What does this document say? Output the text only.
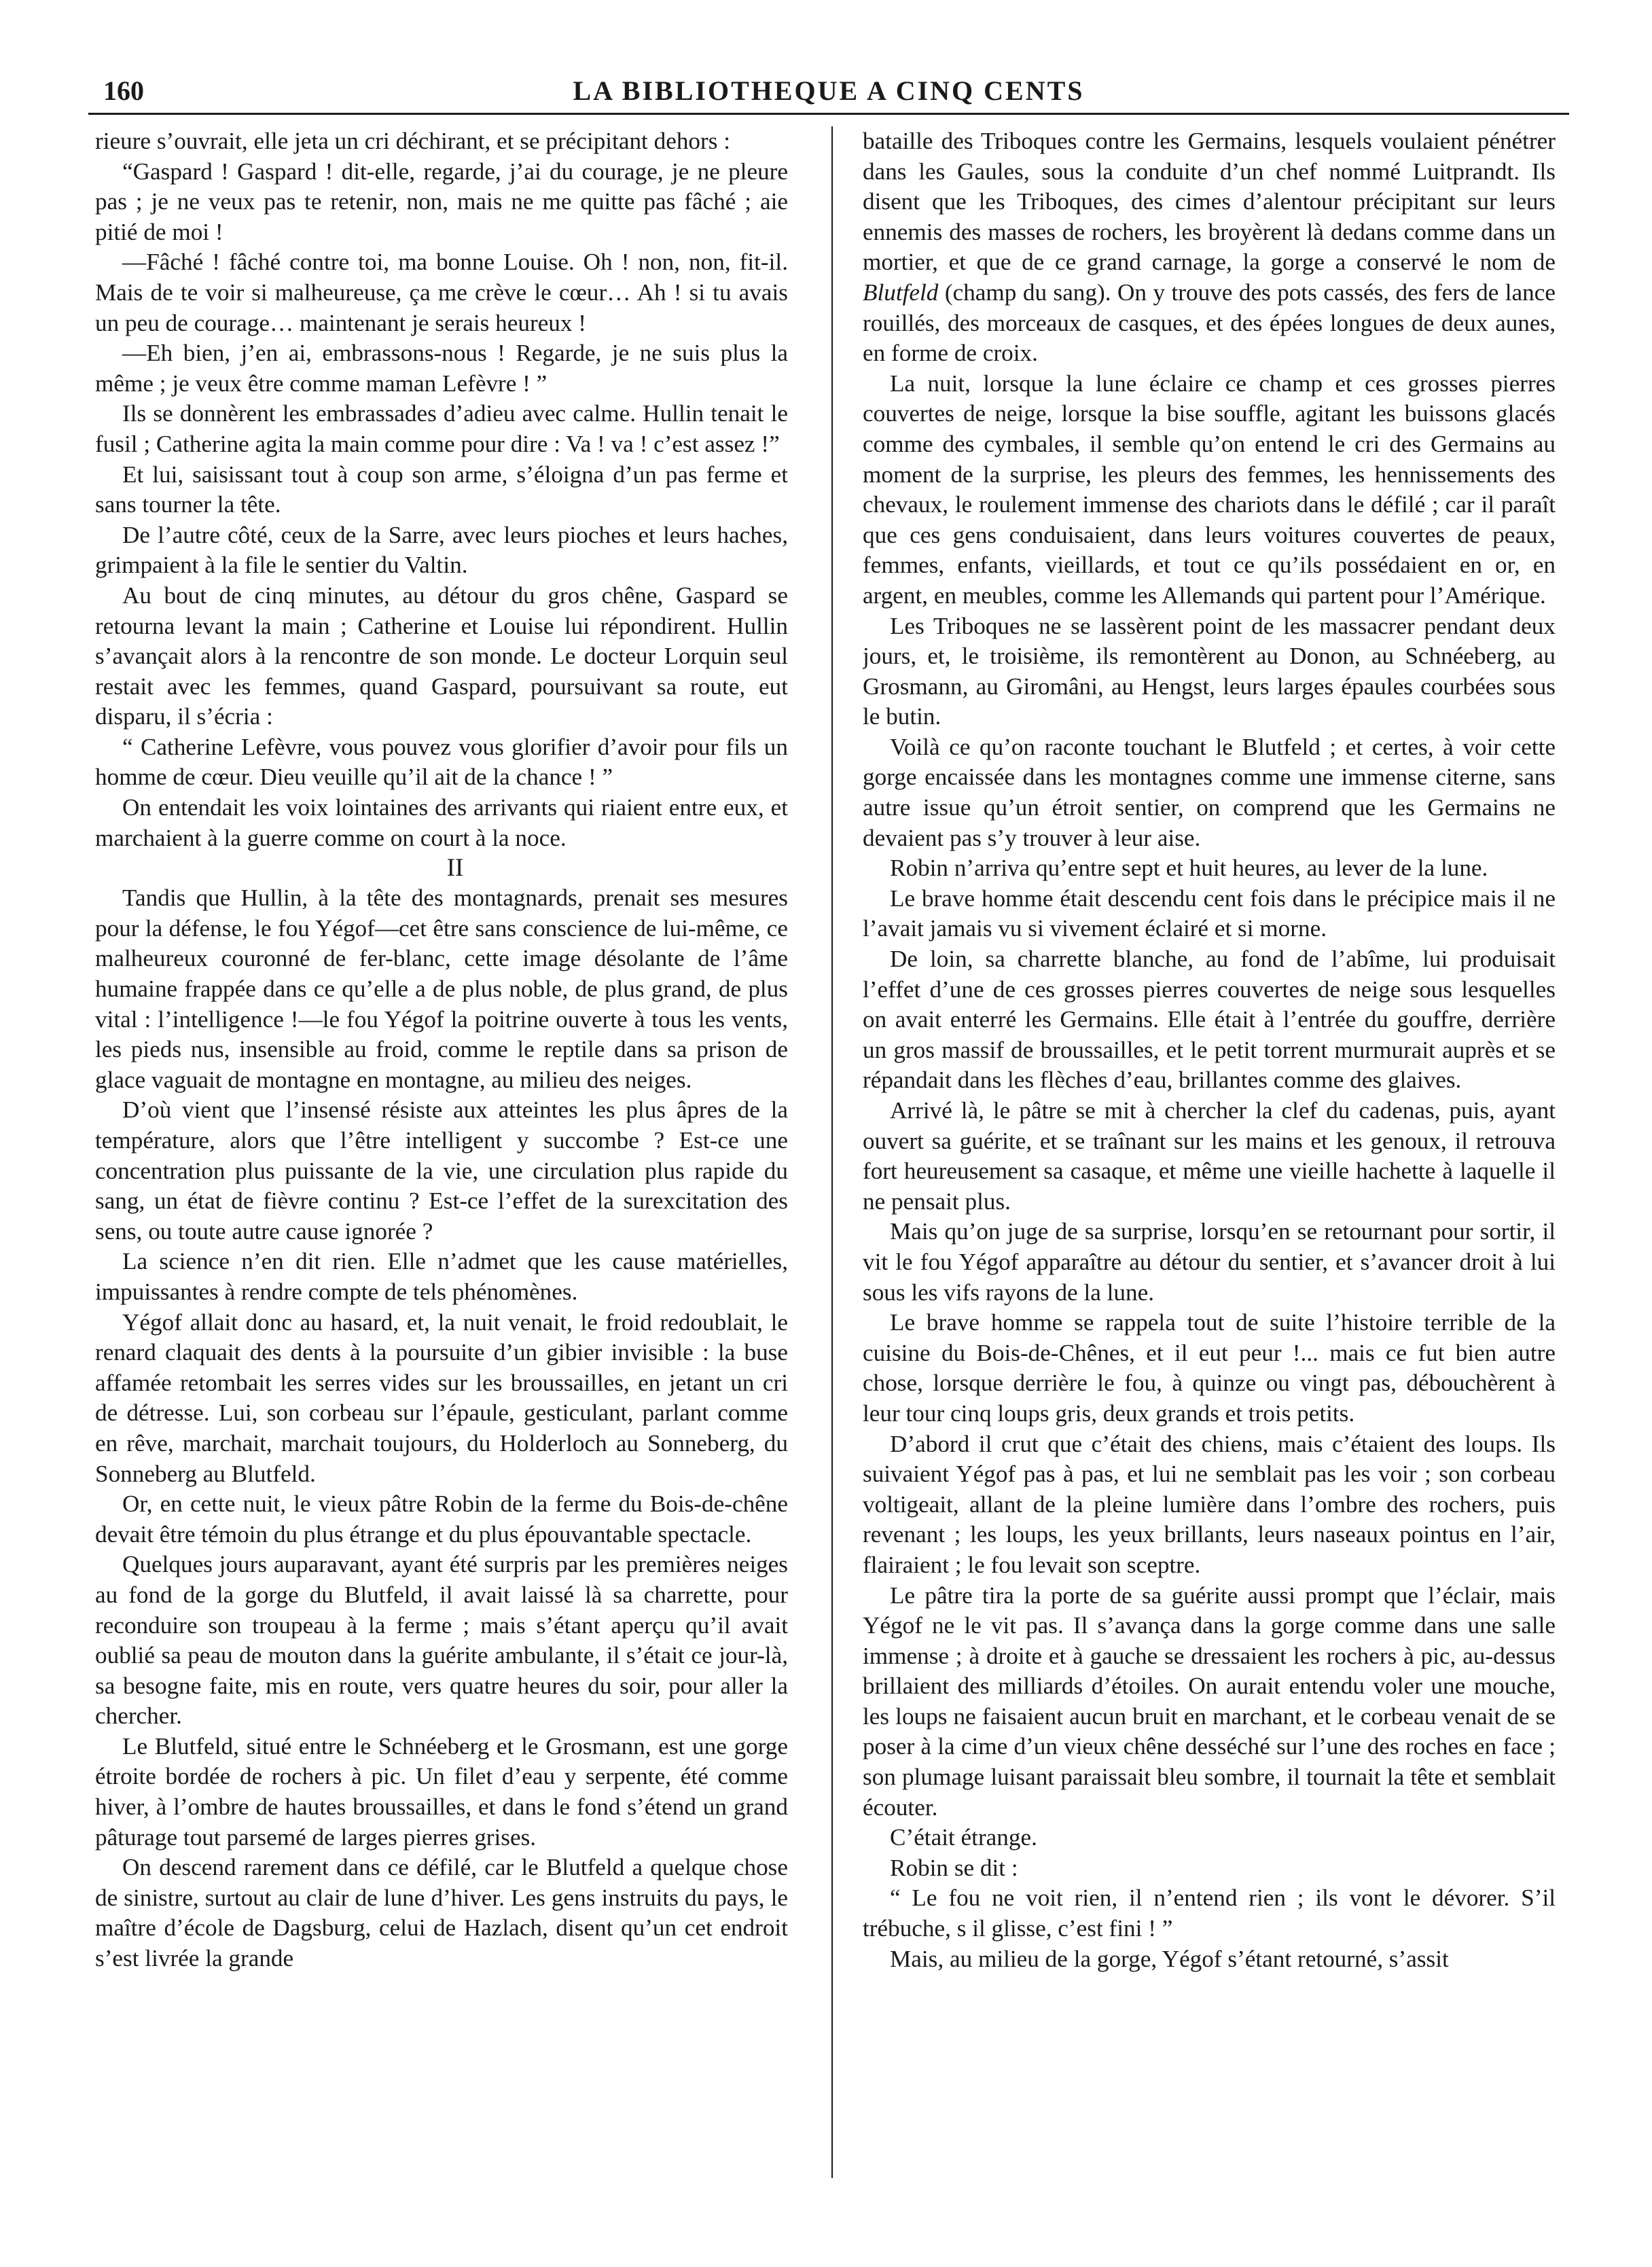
160	LA BIBLIOTHEQUE A CINQ CENTS

rieure s’ouvrait, elle jeta un cri déchirant, et se précipitant dehors :

“Gaspard ! Gaspard ! dit-elle, regarde, j’ai du courage, je ne pleure pas ; je ne veux pas te retenir, non, mais ne me quitte pas fâché ; aie pitié de moi !

—Fâché ! fâché contre toi, ma bonne Louise. Oh ! non, non, fit-il. Mais de te voir si malheureuse, ça me crève le cœur… Ah ! si tu avais un peu de courage… maintenant je serais heureux !

—Eh bien, j’en ai, embrassons-nous ! Regarde, je ne suis plus la même ; je veux être comme maman Lefèvre ! ”

Ils se donnèrent les embrassades d’adieu avec calme. Hullin tenait le fusil ; Catherine agita la main comme pour dire : Va ! va ! c’est assez !”

Et lui, saisissant tout à coup son arme, s’éloigna d’un pas ferme et sans tourner la tête.

De l’autre côté, ceux de la Sarre, avec leurs pioches et leurs haches, grimpaient à la file le sentier du Valtin.

Au bout de cinq minutes, au détour du gros chêne, Gaspard se retourna levant la main ; Catherine et Louise lui répondirent. Hullin s’avançait alors à la rencontre de son monde. Le docteur Lorquin seul restait avec les femmes, quand Gaspard, poursuivant sa route, eut disparu, il s’écria :

“ Catherine Lefèvre, vous pouvez vous glorifier d’avoir pour fils un homme de cœur. Dieu veuille qu’il ait de la chance ! ”

On entendait les voix lointaines des arrivants qui riaient entre eux, et marchaient à la guerre comme on court à la noce.

II

Tandis que Hullin, à la tête des montagnards, prenait ses mesures pour la défense, le fou Yégof—cet être sans conscience de lui-même, ce malheureux couronné de fer-blanc, cette image désolante de l’âme humaine frappée dans ce qu’elle a de plus noble, de plus grand, de plus vital : l’intelligence !—le fou Yégof la poitrine ouverte à tous les vents, les pieds nus, insensible au froid, comme le reptile dans sa prison de glace vaguait de montagne en montagne, au milieu des neiges.

D’où vient que l’insensé résiste aux atteintes les plus âpres de la température, alors que l’être intelligent y succombe ? Est-ce une concentration plus puissante de la vie, une circulation plus rapide du sang, un état de fièvre continu ? Est-ce l’effet de la surexcitation des sens, ou toute autre cause ignorée ?

La science n’en dit rien. Elle n’admet que les cause matérielles, impuissantes à rendre compte de tels phénomènes.

Yégof allait donc au hasard, et, la nuit venait, le froid redoublait, le renard claquait des dents à la poursuite d’un gibier invisible : la buse affamée retombait les serres vides sur les broussailles, en jetant un cri de détresse. Lui, son corbeau sur l’épaule, gesticulant, parlant comme en rêve, marchait, marchait toujours, du Holderloch au Sonneberg, du Sonneberg au Blutfeld.

Or, en cette nuit, le vieux pâtre Robin de la ferme du Bois-de-chêne devait être témoin du plus étrange et du plus épouvantable spectacle.

Quelques jours auparavant, ayant été surpris par les premières neiges au fond de la gorge du Blutfeld, il avait laissé là sa charrette, pour reconduire son troupeau à la ferme ; mais s’étant aperçu qu’il avait oublié sa peau de mouton dans la guérite ambulante, il s’était ce jour-là, sa besogne faite, mis en route, vers quatre heures du soir, pour aller la chercher.

Le Blutfeld, situé entre le Schnéeberg et le Grosmann, est une gorge étroite bordée de rochers à pic. Un filet d’eau y serpente, été comme hiver, à l’ombre de hautes broussailles, et dans le fond s’étend un grand pâturage tout parsemé de larges pierres grises.

On descend rarement dans ce défilé, car le Blutfeld a quelque chose de sinistre, surtout au clair de lune d’hiver. Les gens instruits du pays, le maître d’école de Dagsburg, celui de Hazlach, disent qu’un cet endroit s’est livrée la grande

bataille des Triboques contre les Germains, lesquels voulaient pénétrer dans les Gaules, sous la conduite d’un chef nommé Luitprandt. Ils disent que les Triboques, des cimes d’alentour précipitant sur leurs ennemis des masses de rochers, les broyèrent là dedans comme dans un mortier, et que de ce grand carnage, la gorge a conservé le nom de Blutfeld (champ du sang). On y trouve des pots cassés, des fers de lance rouillés, des morceaux de casques, et des épées longues de deux aunes, en forme de croix.

La nuit, lorsque la lune éclaire ce champ et ces grosses pierres couvertes de neige, lorsque la bise souffle, agitant les buissons glacés comme des cymbales, il semble qu’on entend le cri des Germains au moment de la surprise, les pleurs des femmes, les hennissements des chevaux, le roulement immense des chariots dans le défilé ; car il paraît que ces gens conduisaient, dans leurs voitures couvertes de peaux, femmes, enfants, vieillards, et tout ce qu’ils possédaient en or, en argent, en meubles, comme les Allemands qui partent pour l’Amérique.

Les Triboques ne se lassèrent point de les massacrer pendant deux jours, et, le troisième, ils remontèrent au Donon, au Schnéeberg, au Grosmann, au Giromâni, au Hengst, leurs larges épaules courbées sous le butin.

Voilà ce qu’on raconte touchant le Blutfeld ; et certes, à voir cette gorge encaissée dans les montagnes comme une immense citerne, sans autre issue qu’un étroit sentier, on comprend que les Germains ne devaient pas s’y trouver à leur aise.

Robin n’arriva qu’entre sept et huit heures, au lever de la lune.

Le brave homme était descendu cent fois dans le précipice mais il ne l’avait jamais vu si vivement éclairé et si morne.

De loin, sa charrette blanche, au fond de l’abîme, lui produisait l’effet d’une de ces grosses pierres couvertes de neige sous lesquelles on avait enterré les Germains. Elle était à l’entrée du gouffre, derrière un gros massif de broussailles, et le petit torrent murmurait auprès et se répandait dans les flèches d’eau, brillantes comme des glaives.

Arrivé là, le pâtre se mit à chercher la clef du cadenas, puis, ayant ouvert sa guérite, et se traînant sur les mains et les genoux, il retrouva fort heureusement sa casaque, et même une vieille hachette à laquelle il ne pensait plus.

Mais qu’on juge de sa surprise, lorsqu’en se retournant pour sortir, il vit le fou Yégof apparaître au détour du sentier, et s’avancer droit à lui sous les vifs rayons de la lune.

Le brave homme se rappela tout de suite l’histoire terrible de la cuisine du Bois-de-Chênes, et il eut peur !... mais ce fut bien autre chose, lorsque derrière le fou, à quinze ou vingt pas, débouchèrent à leur tour cinq loups gris, deux grands et trois petits.

D’abord il crut que c’était des chiens, mais c’étaient des loups. Ils suivaient Yégof pas à pas, et lui ne semblait pas les voir ; son corbeau voltigeait, allant de la pleine lumière dans l’ombre des rochers, puis revenant ; les loups, les yeux brillants, leurs naseaux pointus en l’air, flairaient ; le fou levait son sceptre.

Le pâtre tira la porte de sa guérite aussi prompt que l’éclair, mais Yégof ne le vit pas. Il s’avança dans la gorge comme dans une salle immense ; à droite et à gauche se dressaient les rochers à pic, au-dessus brillaient des milliards d’étoiles. On aurait entendu voler une mouche, les loups ne faisaient aucun bruit en marchant, et le corbeau venait de se poser à la cime d’un vieux chêne desséché sur l’une des roches en face ; son plumage luisant paraissait bleu sombre, il tournait la tête et semblait écouter.

C’était étrange.

Robin se dit :

“ Le fou ne voit rien, il n’entend rien ; ils vont le dévorer. S’il trébuche, s il glisse, c’est fini ! ”

Mais, au milieu de la gorge, Yégof s’étant retourné, s’assit
